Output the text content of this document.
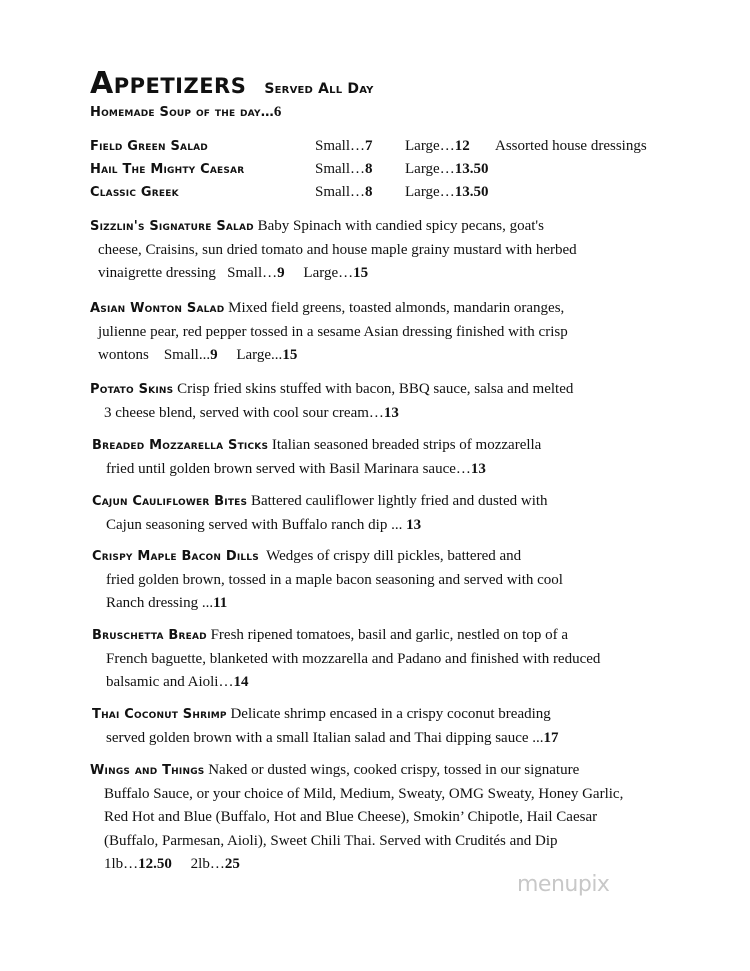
Appetizers Served All Day
Homemade Soup of the day…6
Field Green Salad	Small…7 Large…12 Assorted house dressings
Hail The Mighty Caesar	Small…8 Large…13.50
Classic Greek	Small…8 Large…13.50
Sizzlin's Signature Salad Baby Spinach with candied spicy pecans, goat's
cheese, Craisins, sun dried tomato and house maple grainy mustard with herbed
vinaigrette dressing Small…9 Large…15
Asian Wonton Salad Mixed field greens, toasted almonds, mandarin oranges,
julienne pear, red pepper tossed in a sesame Asian dressing finished with crisp
wontons Small...9 Large...15
Potato Skins Crisp fried skins stuffed with bacon, BBQ sauce, salsa and melted
3 cheese blend, served with cool sour cream…13
Breaded Mozzarella Sticks Italian seasoned breaded strips of mozzarella
fried until golden brown served with Basil Marinara sauce…13
Cajun Cauliflower Bites Battered cauliflower lightly fried and dusted with
Cajun seasoning served with Buffalo ranch dip ... 13
Crispy Maple Bacon Dills Wedges of crispy dill pickles, battered and
fried golden brown, tossed in a maple bacon seasoning and served with cool
Ranch dressing ...11
Bruschetta Bread Fresh ripened tomatoes, basil and garlic, nestled on top of a
French baguette, blanketed with mozzarella and Padano and finished with reduced
balsamic and Aioli…14
Thai Coconut Shrimp Delicate shrimp encased in a crispy coconut breading
served golden brown with a small Italian salad and Thai dipping sauce ...17
Wings and Things Naked or dusted wings, cooked crispy, tossed in our signature
Buffalo Sauce, or your choice of Mild, Medium, Sweaty, OMG Sweaty, Honey Garlic,
Red Hot and Blue (Buffalo, Hot and Blue Cheese), Smokin’ Chipotle, Hail Caesar
(Buffalo, Parmesan, Aioli), Sweet Chili Thai. Served with Crudités and Dip
1lb…12.50 2lb…25
menupix
